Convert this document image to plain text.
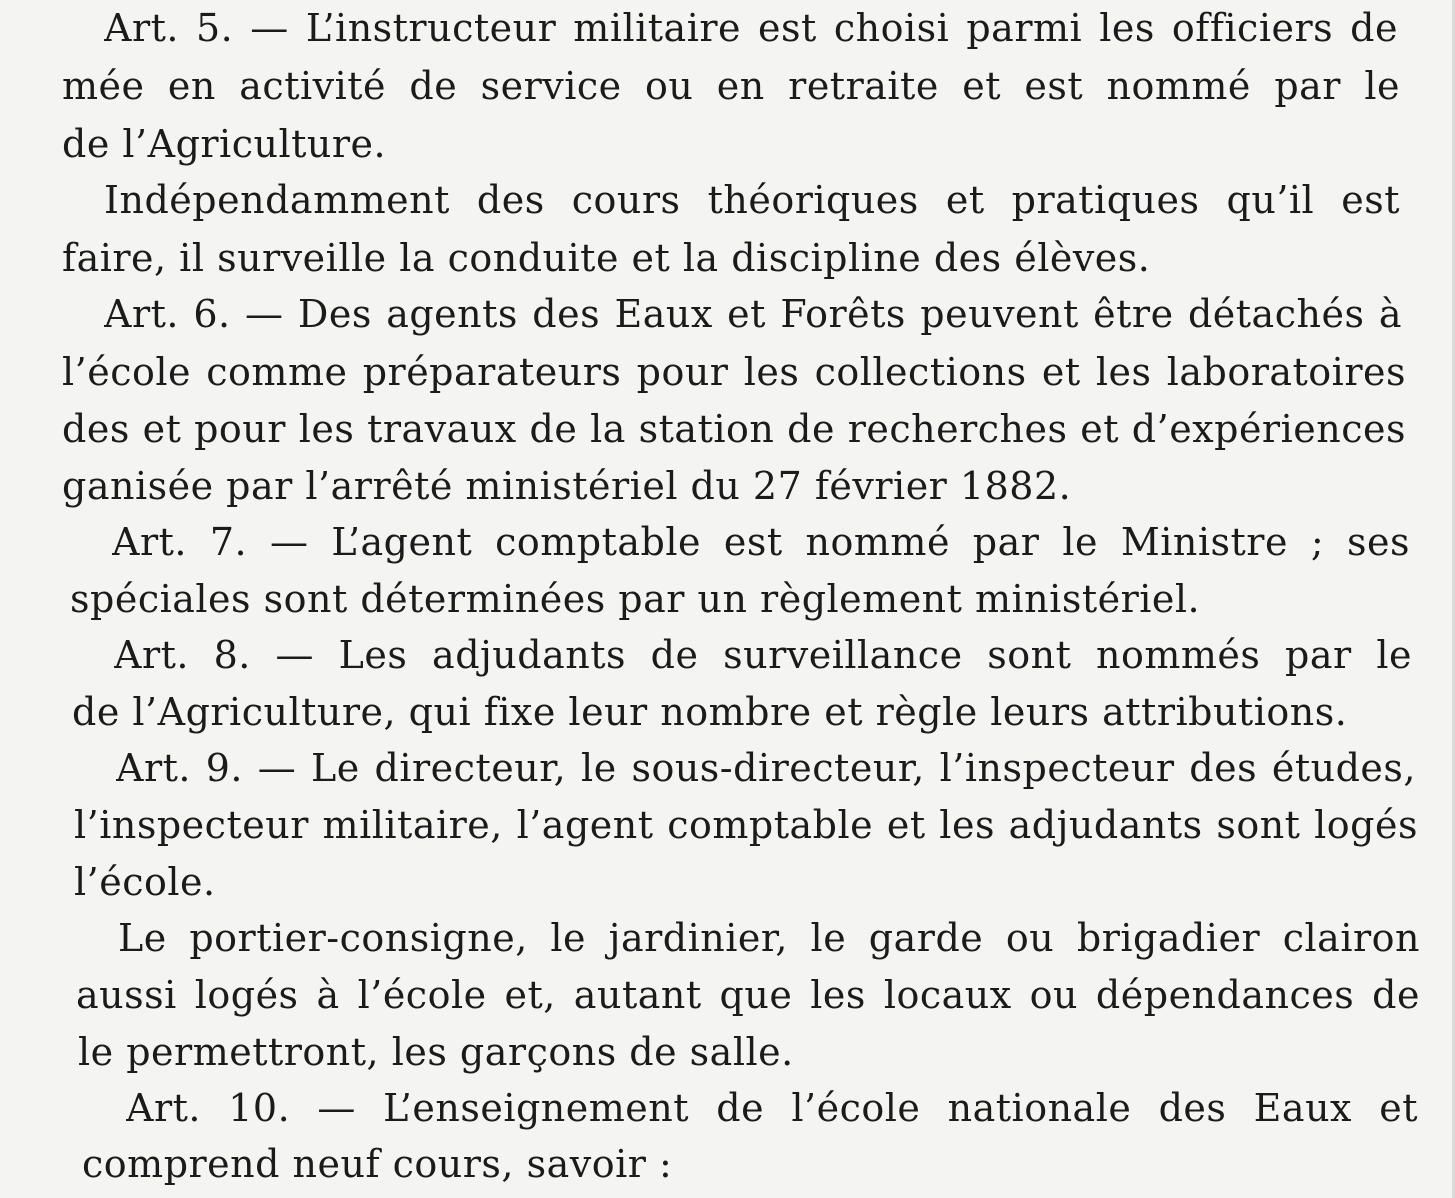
Art. 5. — L’instructeur militaire est choisi parmi les officiers de
mée en activité de service ou en retraite et est nommé par le
de l’Agriculture.
Indépendamment des cours théoriques et pratiques qu’il est
faire, il surveille la conduite et la discipline des élèves.
Art. 6. — Des agents des Eaux et Forêts peuvent être détachés à
l’école comme préparateurs pour les collections et les laboratoires
des et pour les travaux de la station de recherches et d’expériences
ganisée par l’arrêté ministériel du 27 février 1882.
Art. 7. — L’agent comptable est nommé par le Ministre ; ses
spéciales sont déterminées par un règlement ministériel.
Art. 8. — Les adjudants de surveillance sont nommés par le
de l’Agriculture, qui fixe leur nombre et règle leurs attributions.
Art. 9. — Le directeur, le sous-directeur, l’inspecteur des études,
l’inspecteur militaire, l’agent comptable et les adjudants sont logés
l’école.
Le portier-consigne, le jardinier, le garde ou brigadier clairon
aussi logés à l’école et, autant que les locaux ou dépendances de
le permettront, les garçons de salle.
Art. 10. — L’enseignement de l’école nationale des Eaux et
comprend neuf cours, savoir :
